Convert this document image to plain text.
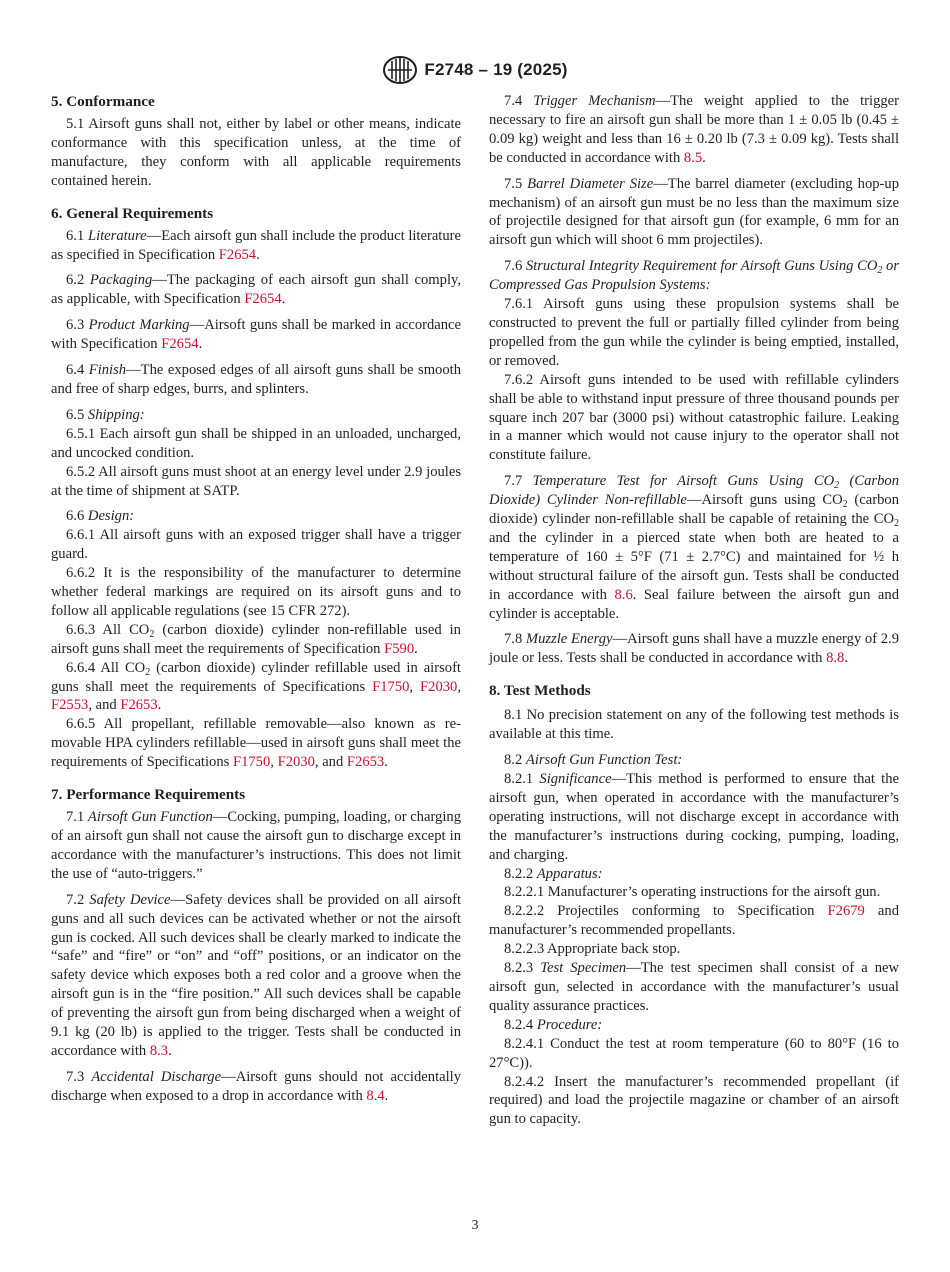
F2748 – 19 (2025)
5. Conformance

5.1 Airsoft guns shall not, either by label or other means, indicate conformance with this specification unless, at the time of manufacture, they conform with all applicable requirements contained herein.

6. General Requirements

6.1 Literature—Each airsoft gun shall include the product literature as specified in Specification F2654.

6.2 Packaging—The packaging of each airsoft gun shall comply, as applicable, with Specification F2654.

6.3 Product Marking—Airsoft guns shall be marked in accordance with Specification F2654.

6.4 Finish—The exposed edges of all airsoft guns shall be smooth and free of sharp edges, burrs, and splinters.

6.5 Shipping:

6.5.1 Each airsoft gun shall be shipped in an unloaded, uncharged, and uncocked condition.

6.5.2 All airsoft guns must shoot at an energy level under 2.9 joules at the time of shipment at SATP.

6.6 Design:

6.6.1 All airsoft guns with an exposed trigger shall have a trigger guard.

6.6.2 It is the responsibility of the manufacturer to determine whether federal markings are required on its airsoft guns and to follow all applicable regulations (see 15 CFR 272).

6.6.3 All $CO_2$ (carbon dioxide) cylinder non-refillable used in airsoft guns shall meet the requirements of Specification F590.

6.6.4 All $CO_2$ (carbon dioxide) cylinder refillable used in airsoft guns shall meet the requirements of Specifications F1750, F2030, F2553, and F2653.

6.6.5 All propellant, refillable removable—also known as re-movable HPA cylinders refillable—used in airsoft guns shall meet the requirements of Specifications F1750, F2030, and F2653.

7. Performance Requirements

7.1 Airsoft Gun Function—Cocking, pumping, loading, or charging of an airsoft gun shall not cause the airsoft gun to discharge except in accordance with the manufacturer’s instructions. This does not limit the use of “auto-triggers.”

7.2 Safety Device—Safety devices shall be provided on all airsoft guns and all such devices can be activated whether or not the airsoft gun is cocked. All such devices shall be clearly marked to indicate the “safe” and “fire” or “on” and “off” positions, or an indicator on the safety device which exposes both a red color and a groove when the airsoft gun is in the “fire position.” All such devices shall be capable of preventing the airsoft gun from being discharged when a weight of 9.1 kg (20 lb) is applied to the trigger. Tests shall be conducted in accordance with 8.3.

7.3 Accidental Discharge—Airsoft guns should not accidentally discharge when exposed to a drop in accordance with 8.4.

7.4 Trigger Mechanism—The weight applied to the trigger necessary to fire an airsoft gun shall be more than 1 ± 0.05 lb (0.45 ± 0.09 kg) weight and less than 16 ± 0.20 lb (7.3 ± 0.09 kg). Tests shall be conducted in accordance with 8.5.

7.5 Barrel Diameter Size—The barrel diameter (excluding hop-up mechanism) of an airsoft gun must be no less than the maximum size of projectile designed for that airsoft gun (for example, 6 mm for an airsoft gun which will shoot 6 mm projectiles).

7.6 Structural Integrity Requirement for Airsoft Guns Using $CO_2$ or Compressed Gas Propulsion Systems:

7.6.1 Airsoft guns using these propulsion systems shall be constructed to prevent the full or partially filled cylinder from being propelled from the gun while the cylinder is being emptied, installed, or removed.

7.6.2 Airsoft guns intended to be used with refillable cylinders shall be able to withstand input pressure of three thousand pounds per square inch 207 bar (3000 psi) without catastrophic failure. Leaking in a manner which would not cause injury to the operator shall not constitute failure.

7.7 Temperature Test for Airsoft Guns Using $CO_2$ (Carbon Dioxide) Cylinder Non-refillable—Airsoft guns using $CO_2$ (carbon dioxide) cylinder non-refillable shall be capable of retaining the $CO_2$ and the cylinder in a pierced state when both are heated to a temperature of 160 ± 5°F (71 ± 2.7°C) and maintained for ½ h without structural failure of the airsoft gun. Tests shall be conducted in accordance with 8.6. Seal failure between the airsoft gun and cylinder is acceptable.

7.8 Muzzle Energy—Airsoft guns shall have a muzzle energy of 2.9 joule or less. Tests shall be conducted in accordance with 8.8.

8. Test Methods

8.1 No precision statement on any of the following test methods is available at this time.

8.2 Airsoft Gun Function Test:

8.2.1 Significance—This method is performed to ensure that the airsoft gun, when operated in accordance with the manufacturer’s operating instructions, will not discharge except in accordance with the manufacturer’s instructions during cocking, pumping, loading, and charging.

8.2.2 Apparatus:

8.2.2.1 Manufacturer’s operating instructions for the airsoft gun.

8.2.2.2 Projectiles conforming to Specification F2679 and manufacturer’s recommended propellants.

8.2.2.3 Appropriate back stop.

8.2.3 Test Specimen—The test specimen shall consist of a new airsoft gun, selected in accordance with the manufacturer’s usual quality assurance practices.

8.2.4 Procedure:

8.2.4.1 Conduct the test at room temperature (60 to 80°F (16 to 27°C)).

8.2.4.2 Insert the manufacturer’s recommended propellant (if required) and load the projectile magazine or chamber of an airsoft gun to capacity.

3
